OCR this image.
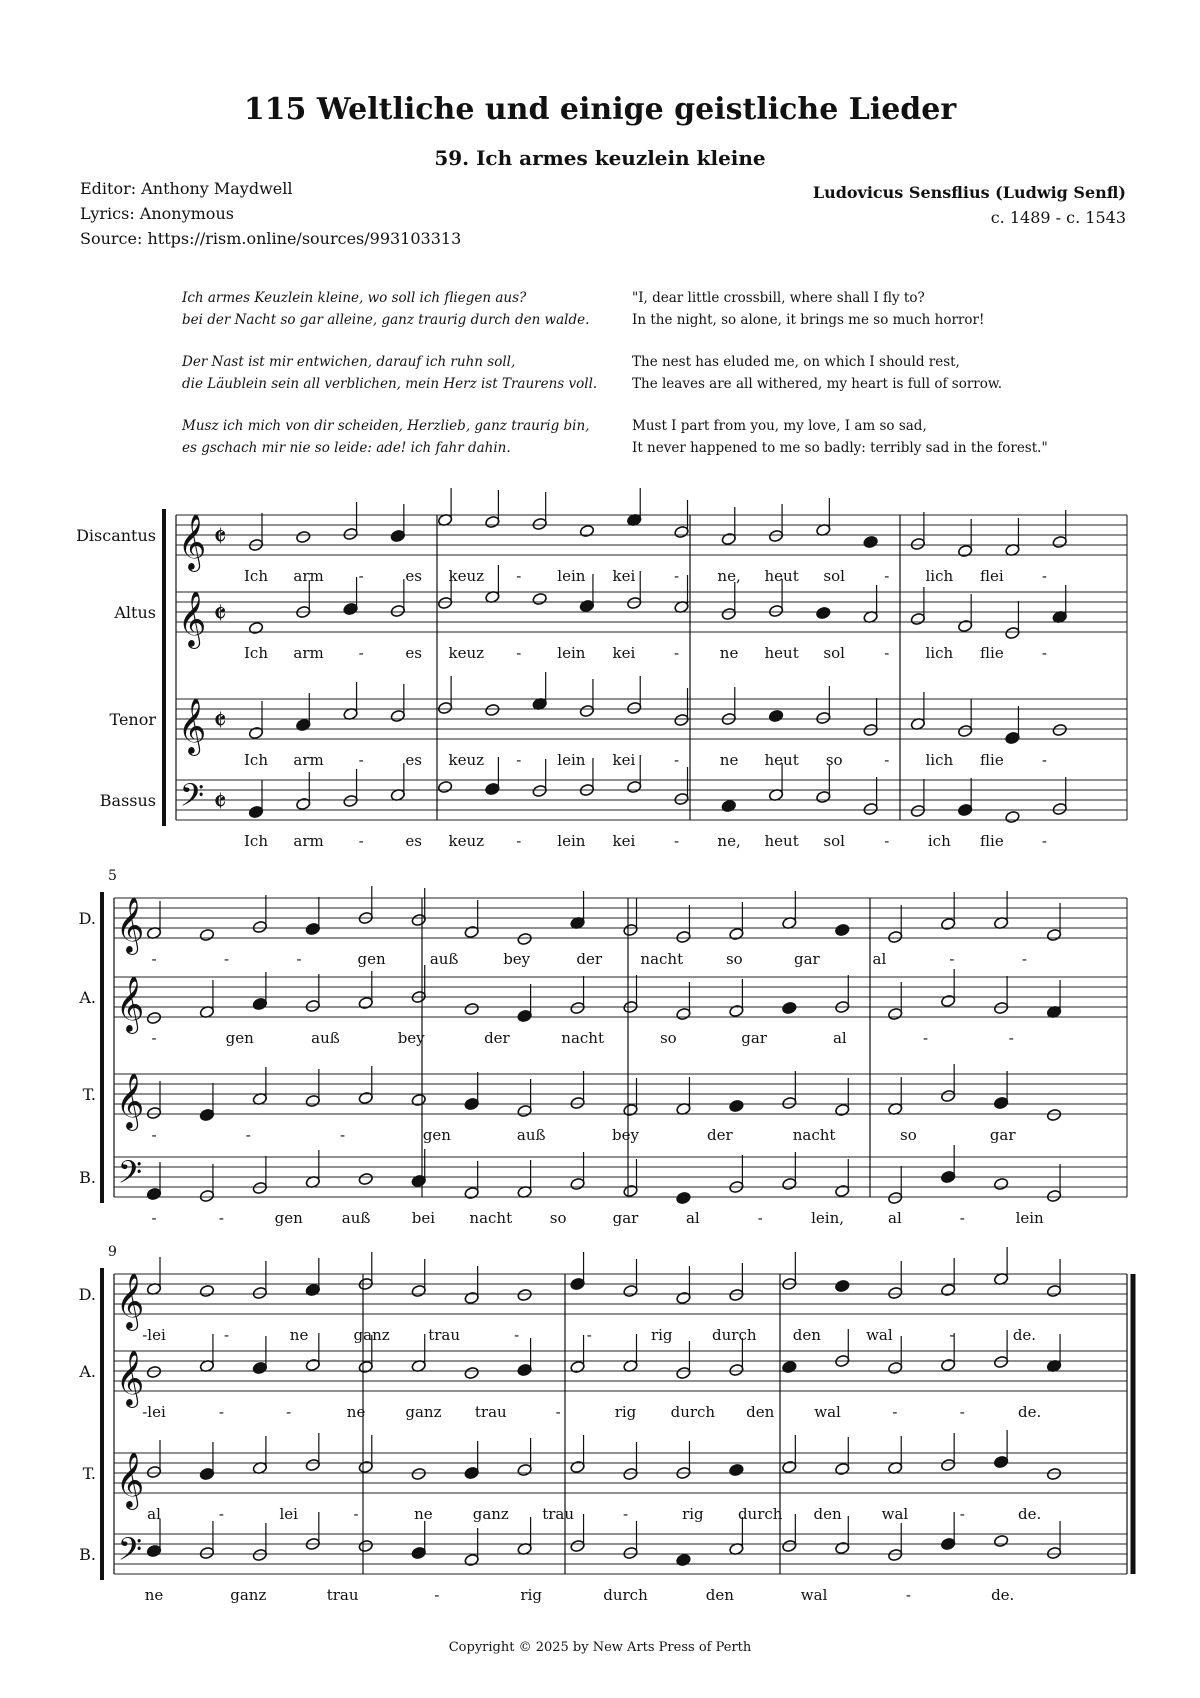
115 Weltliche und einige geistliche Lieder
59. Ich armes keuzlein kleine
Editor: Anthony Maydwell
Lyrics: Anonymous
Source: https://rism.online/sources/993103313
Ludovicus Sensflius (Ludwig Senfl)
c. 1489 - c. 1543
Ich armes Keuzlein kleine, wo soll ich fliegen aus?
bei der Nacht so gar alleine, ganz traurig durch den walde.
Der Nast ist mir entwichen, darauf ich ruhn soll,
die Läublein sein all verblichen, mein Herz ist Traurens voll.
Musz ich mich von dir scheiden, Herzlieb, ganz traurig bin,
es gschach mir nie so leide: ade! ich fahr dahin.
"I, dear little crossbill, where shall I fly to?
In the night, so alone, it brings me so much horror!
The nest has eluded me, on which I should rest,
The leaves are all withered, my heart is full of sorrow.
Must I part from you, my love, I am so sad,
It never happened to me so badly: terribly sad in the forest."
Discantus 𝄞 𝄵
Ich arm -	es keuz - lein kei	-	ne, heut sol	- lich flei	-
Altus 𝄞 𝄵
Ich arm -	es keuz - lein kei	-	ne heut sol	- lich flie	-
Tenor 𝄞 𝄵
Ich arm -	es keuz - lein kei	-	ne heut so	- lich flie	-
Bassus 𝄢 𝄵
Ich arm -	es keuz - lein kei	-	ne, heut sol	-	ich flie	-
5
D. 𝄞
-	-	-	gen	auß	bey	der	nacht	so	gar	al	-	-
A. 𝄞
-	gen	auß	bey	der	nacht	so	gar	al	-	-
T. 𝄞
-	-	-	gen	auß	bey	der	nacht	so	gar
B. 𝄢
-	-	gen	auß	bei nacht	so	gar	al	-	lein,	al	-	lein
9
D. 𝄞
-lei	-	ne	ganz	trau	-	-	rig	durch den	wal	-	de.
A. 𝄞
-lei	-	-	ne	ganz trau	-	rig durch den	wal	-	-	de.
T. 𝄞
al	-	lei	-	ne	ganz trau	-	rig durch den	wal	-	de.
B. 𝄢
ne	ganz	trau	-	rig	durch	den	wal	-	de.
Copyright © 2025 by New Arts Press of Perth
